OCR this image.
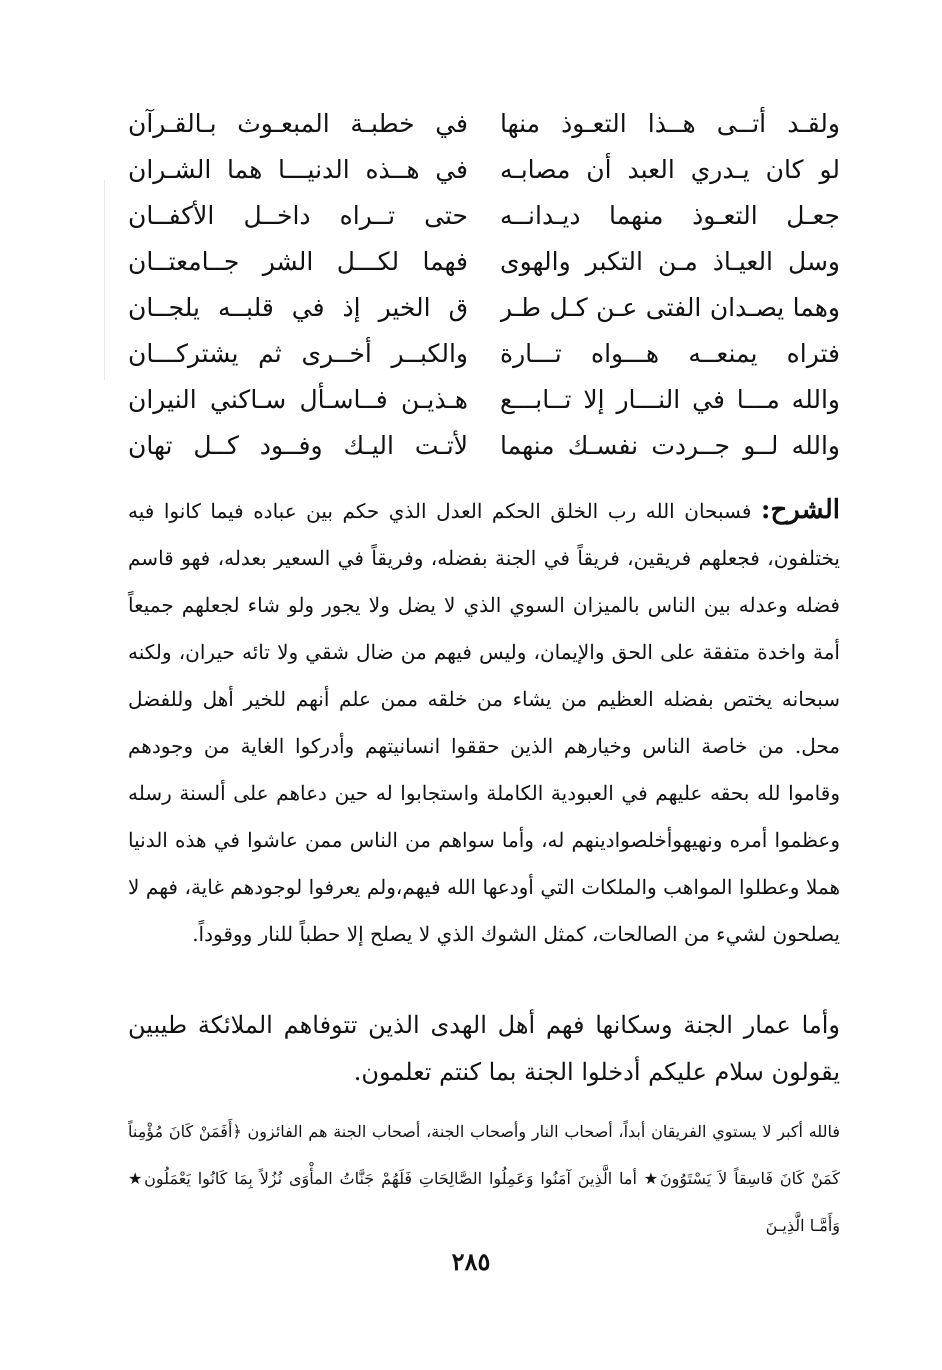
ولقـد أتــى هــذا التعـوذ منها
في خطبـة المبعـوث بـالقـرآن
لو كان يـدري العبد أن مصابـه
في هــذه الدنيـــا هما الشـران
جعـل التعـوذ منهما ديـدانــه
حتى تــراه داخــل الأكفــان
وسل العيـاذ مـن التكبر والهوى
فهما لكـــل الشر جــامعتــان
وهما يصـدان الفتى عـن كـل طـر
ق الخير إذ في قلبــه يلجــان
فتراه يمنعــه هـــواه تـــارة
والكبــر أخــرى ثم يشتركـــان
والله مـــا في النـــار إلا تــابـــع
هـذيـن فــاسـأل سـاكني النيران
والله لــو جــردت نفسـك منهما
لأتـت اليـك وفــود كــل تهان

الشرح: فسبحان الله رب الخلق الحكم العدل الذي حكم بين عباده فيما كانوا فيه يختلفون، فجعلهم فريقين، فريقاً في الجنة بفضله، وفريقاً في السعير بعدله، فهو قاسم فضله وعدله بين الناس بالميزان السوي الذي لا يضل ولا يجور ولو شاء لجعلهم جميعاً أمة واخدة متفقة على الحق والإيمان، وليس فيهم من ضال شقي ولا تائه حيران، ولكنه سبحانه يختص بفضله العظيم من يشاء من خلقه ممن علم أنهم للخير أهل وللفضل محل. من خاصة الناس وخيارهم الذين حققوا انسانيتهم وأدركوا الغاية من وجودهم وقاموا لله بحقه عليهم في العبودية الكاملة واستجابوا له حين دعاهم على ألسنة رسله وعظموا أمره ونهيهوأخلصوادينهم له، وأما سواهم من الناس ممن عاشوا في هذه الدنيا هملا وعطلوا المواهب والملكات التي أودعها الله فيهم،ولم يعرفوا لوجودهم غاية، فهم لا يصلحون لشيء من الصالحات، كمثل الشوك الذي لا يصلح إلا حطباً للنار ووقوداً.

وأما عمار الجنة وسكانها فهم أهل الهدى الذين تتوفاهم الملائكة طيبين يقولون سلام عليكم أدخلوا الجنة بما كنتم تعلمون.

فالله أكبر لا يستوي الفريقان أبداً، أصحاب النار وأصحاب الجنة، أصحاب الجنة هم الفائزون ﴿أَفَمَنْ كَانَ مُؤْمِناً كَمَنْ كَانَ فَاسِقاً لاَ يَسْتَوُونَ★ أما الَّذِينَ آمَنُوا وَعَمِلُوا الصَّالِحَاتِ فَلَهُمْ جَنَّاتُ المأْوَى نُزُلاً بِمَا كَانُوا يَعْمَلُون★ وَأَمَّـا الَّذِيـنَ

٢٨٥
